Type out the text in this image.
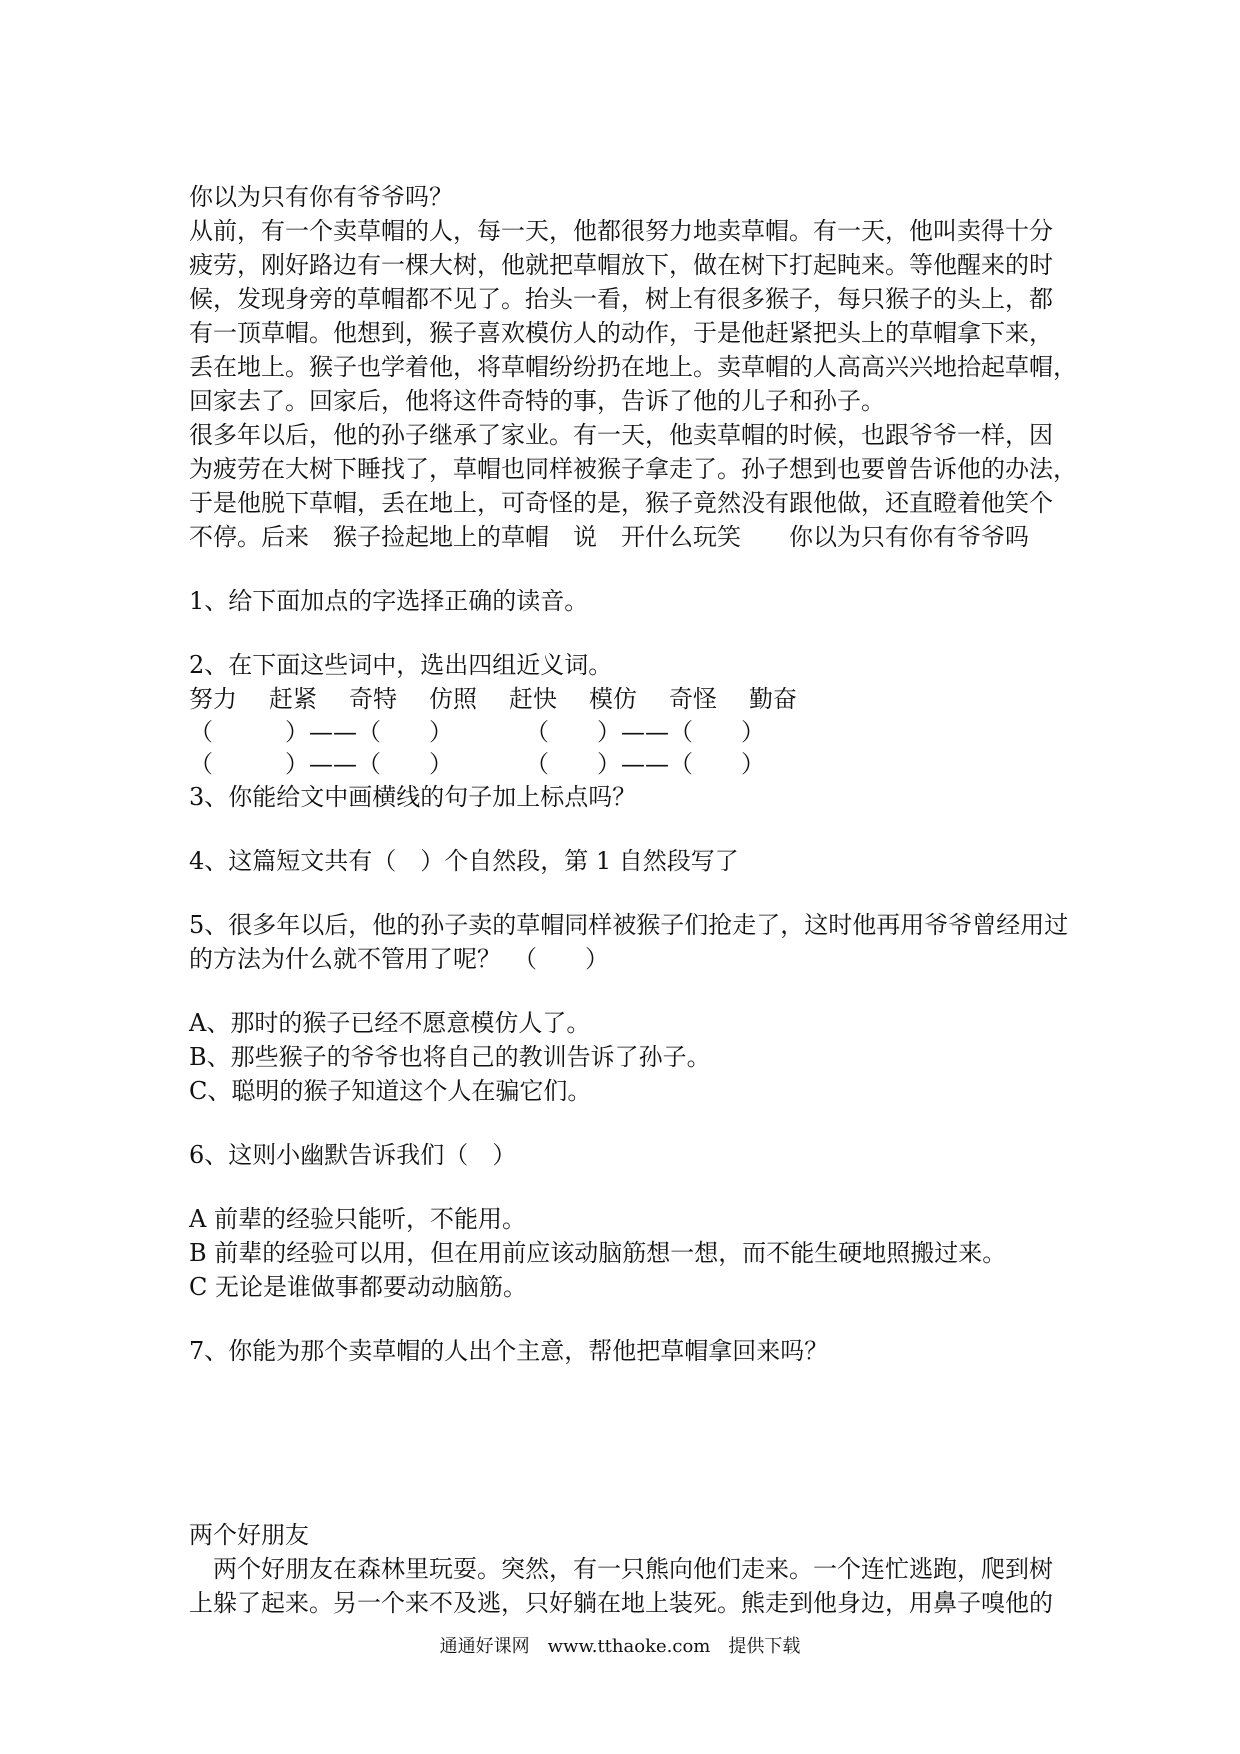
你以为只有你有爷爷吗？
从前，有一个卖草帽的人，每一天，他都很努力地卖草帽。有一天，他叫卖得十分
疲劳，刚好路边有一棵大树，他就把草帽放下，做在树下打起盹来。等他醒来的时
候，发现身旁的草帽都不见了。抬头一看，树上有很多猴子，每只猴子的头上，都
有一顶草帽。他想到，猴子喜欢模仿人的动作，于是他赶紧把头上的草帽拿下来，
丢在地上。猴子也学着他，将草帽纷纷扔在地上。卖草帽的人高高兴兴地拾起草帽，
回家去了。回家后，他将这件奇特的事，告诉了他的儿子和孙子。
很多年以后，他的孙子继承了家业。有一天，他卖草帽的时候，也跟爷爷一样，因
为疲劳在大树下睡找了，草帽也同样被猴子拿走了。孙子想到也要曾告诉他的办法，
于是他脱下草帽，丢在地上，可奇怪的是，猴子竟然没有跟他做，还直瞪着他笑个
不停。后来　猴子捡起地上的草帽　说　开什么玩笑　　你以为只有你有爷爷吗
1、给下面加点的字选择正确的读音。
2、在下面这些词中，选出四组近义词。
努力 赶紧 奇特 仿照 赶快 模仿 奇怪 勤奋
（　　　）——（　　）　　　　（　　）——（　　）
（　　　）——（　　）　　　　（　　）——（　　）
3、你能给文中画横线的句子加上标点吗？
4、这篇短文共有（　）个自然段，第 1 自然段写了
5、很多年以后，他的孙子卖的草帽同样被猴子们抢走了，这时他再用爷爷曾经用过
的方法为什么就不管用了呢？　（　　）
A、那时的猴子已经不愿意模仿人了。
B、那些猴子的爷爷也将自己的教训告诉了孙子。
C、聪明的猴子知道这个人在骗它们。
6、这则小幽默告诉我们（　）
A 前辈的经验只能听，不能用。
B 前辈的经验可以用，但在用前应该动脑筋想一想，而不能生硬地照搬过来。
C 无论是谁做事都要动动脑筋。
7、你能为那个卖草帽的人出个主意，帮他把草帽拿回来吗？
两个好朋友
　两个好朋友在森林里玩耍。突然，有一只熊向他们走来。一个连忙逃跑，爬到树
上躲了起来。另一个来不及逃，只好躺在地上装死。熊走到他身边，用鼻子嗅他的
通通好课网　www.tthaoke.com　提供下载
